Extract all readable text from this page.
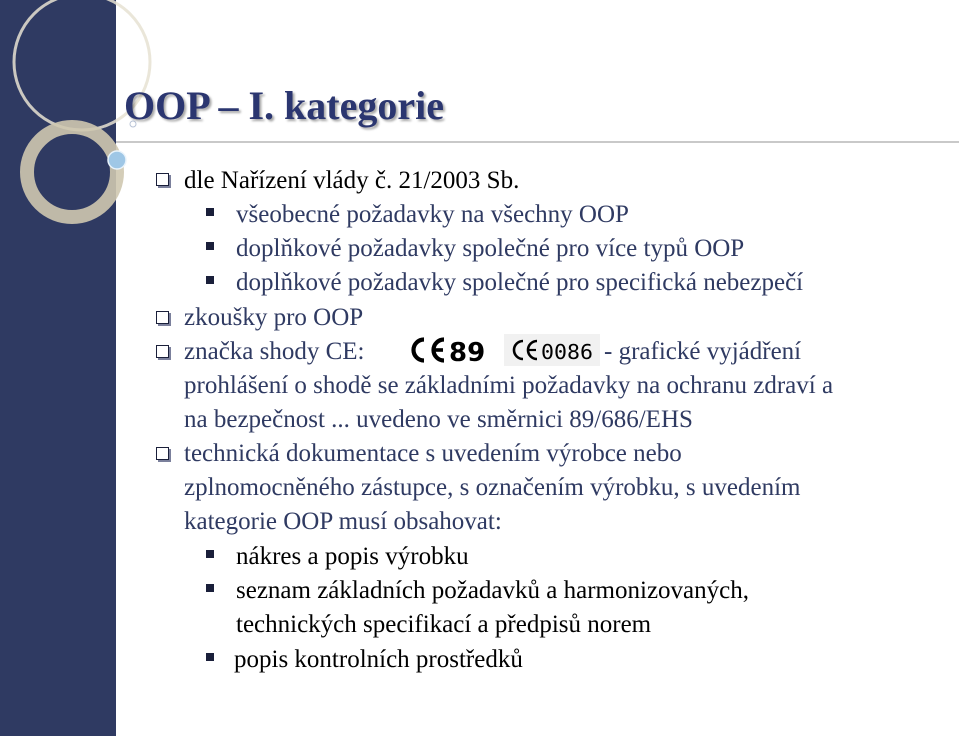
OOP – I. kategorie
dle Nařízení vlády č. 21/2003 Sb.
všeobecné požadavky na všechny OOP
doplňkové požadavky společné pro více typů OOP
doplňkové požadavky společné pro specifická nebezpečí
zkoušky pro OOP
značka shody CE:	89	0086 - grafické vyjádření
prohlášení o shodě se základními požadavky na ochranu zdraví a
na bezpečnost ... uvedeno ve směrnici 89/686/EHS
technická dokumentace s uvedením výrobce nebo
zplnomocněného zástupce, s označením výrobku, s uvedením
kategorie OOP musí obsahovat:
nákres a popis výrobku
seznam základních požadavků a harmonizovaných,
technických specifikací a předpisů norem
popis kontrolních prostředků
